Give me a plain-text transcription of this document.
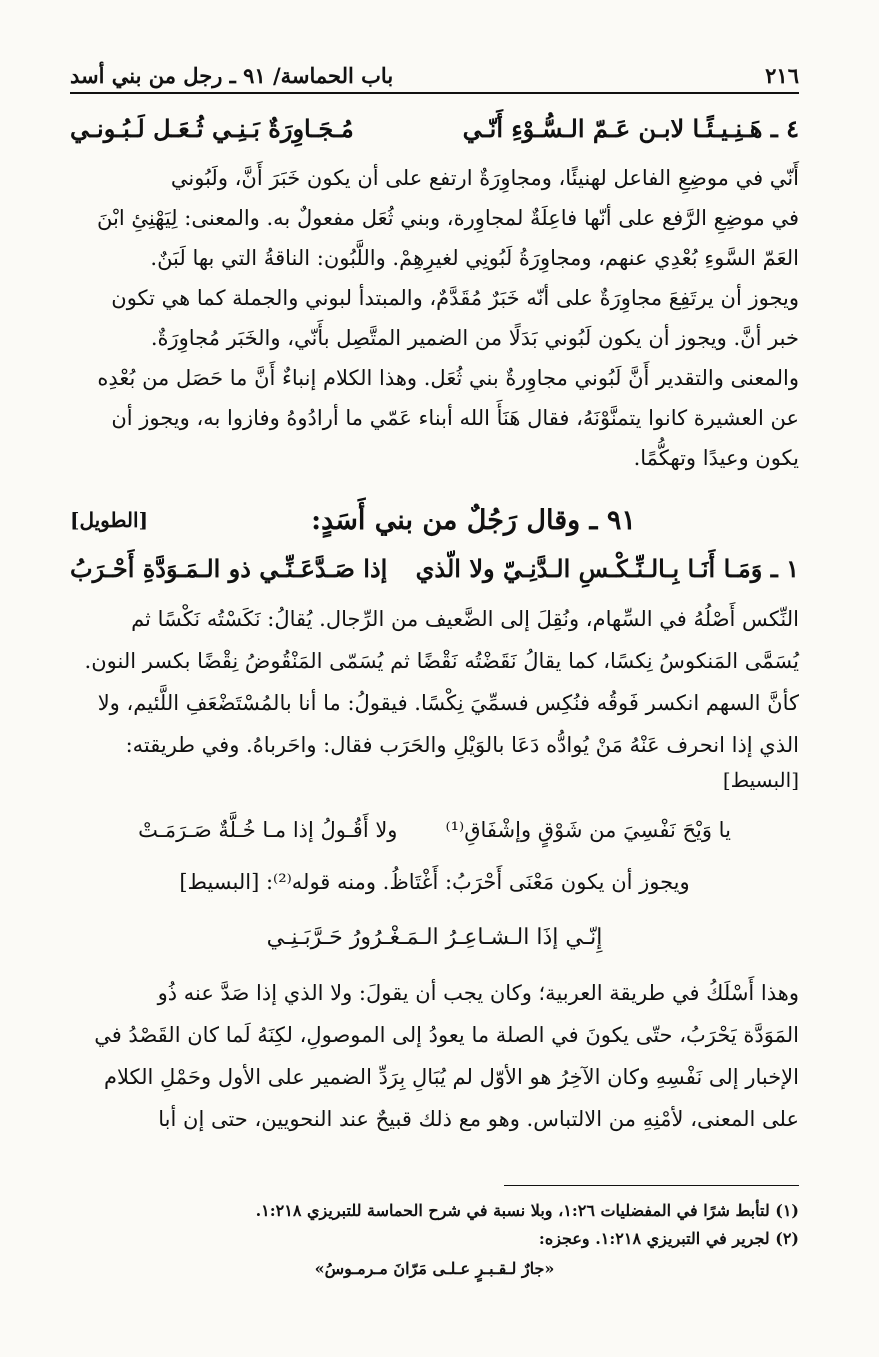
٢١٦
باب الحماسة/ ٩١ ـ رجل من بني أسد
٤ ـ هَـنِـيـئًـا لابـن عَـمّ الـسُّـوْءِ أَنّـي
مُـجَـاوِرَةٌ بَـنِـي ثُـعَـل لَـبُـونـي

أَنّي في موضِعِ الفاعل لهنيئًا، ومجاوِرَةٌ ارتفع على أن يكون خَبَرَ أَنَّ، ولَبُوني

في موضِعِ الرَّفع على أنّها فاعِلَةٌ لمجاوِرة، وبني ثُعَل مفعولٌ به. والمعنى: لِيَهْنِئِ ابْنَ

العَمّ السَّوءِ بُعْدِي عنهم، ومجاوِرَةُ لَبُونِي لغيرِهِمْ. واللَّبُون: الناقةُ التي بها لَبَنٌ.

ويجوز أن يرتَفِعَ مجاوِرَةٌ على أنّه خَبَرٌ مُقَدَّمٌ، والمبتدأ لبوني والجملة كما هي تكون

خبر أنَّ. ويجوز أن يكون لَبُوني بَدَلًا من الضمير المتَّصِل بأَنّي، والخَبَر مُجاوِرَةٌ.

والمعنى والتقدير أَنَّ لَبُوني مجاوِرةٌ بني ثُعَل. وهذا الكلام إنباءٌ أَنَّ ما حَصَل من بُعْدِه

عن العشيرة كانوا يتمنَّوْنَهُ، فقال هَنَأَ الله أبناء عَمّي ما أرادُوهُ وفازوا به، ويجوز أن

يكون وعيدًا وتهكُّمًا.

٩١ ـ وقال رَجُلٌ من بني أَسَدٍ:
[الطويل]
١ ـ وَمَـا أَنَـا بِـالـنِّـكْـسِ الـدَّنِـيّ ولا الّذي
إذا صَـدَّعَـنِّـي ذو الـمَـوَدَّةِ أَحْـرَبُ

النِّكس أَصْلُهُ في السِّهام، ونُقِلَ إلى الضَّعيف من الرِّجال. يُقالُ: نَكَسْتُه نَكْسًا ثم

يُسَمَّى المَنكوسُ نِكسًا، كما يقالُ نَقَضْتُه نَقْضًا ثم يُسَمّى المَنْقُوضُ نِقْضًا بكسر النون.

كأنَّ السهم انكسر فَوقُه فنُكِس فسمِّيَ نِكْسًا. فيقولُ: ما أنا بالمُسْتَضْعَفِ اللَّئيم، ولا

الذي إذا انحرف عَنْهُ مَنْ يُوادُّه دَعَا بالوَيْلِ والحَرَب فقال: واحَرباهُ. وفي طريقته:

[البسيط]
يا وَيْحَ نَفْسِيَ من شَوْقٍ وإشْفَاقِ⁽¹⁾
ولا أَقُـولُ إذا مـا خُـلَّةٌ صَـرَمَـتْ
ويجوز أن يكون مَعْنَى أَحْرَبُ: أَغْتَاظُ. ومنه قوله⁽²⁾: [البسيط]
إِنّـي إذَا الـشـاعِـرُ الـمَـغْـرُورُ حَـرَّبَـنِـي

وهذا أَسْلَكُ في طريقة العربية؛ وكان يجب أن يقولَ: ولا الذي إذا صَدَّ عنه ذُو

المَوَدَّة يَحْرَبُ، حتّى يكونَ في الصلة ما يعودُ إلى الموصولِ، لكِنَهُ لَما كان القَصْدُ في

الإخبار إلى نَفْسِهِ وكان الآخِرُ هو الأوّل لم يُبَالِ بِرَدِّ الضمير على الأول وحَمْلِ الكلام

على المعنى، لأمْنِهِ من الالتباس. وهو مع ذلك قبيحٌ عند النحويين، حتى إن أبا

(١) لتأبط شرًا في المفضليات ١:٢٦، وبلا نسبة في شرح الحماسة للتبريزي ١:٢١٨.
(٢) لجرير في التبريزي ١:٢١٨. وعجزه:
«جارٌ لـقـبـرٍ عـلـى مَرّانَ مـرمـوسُ»
